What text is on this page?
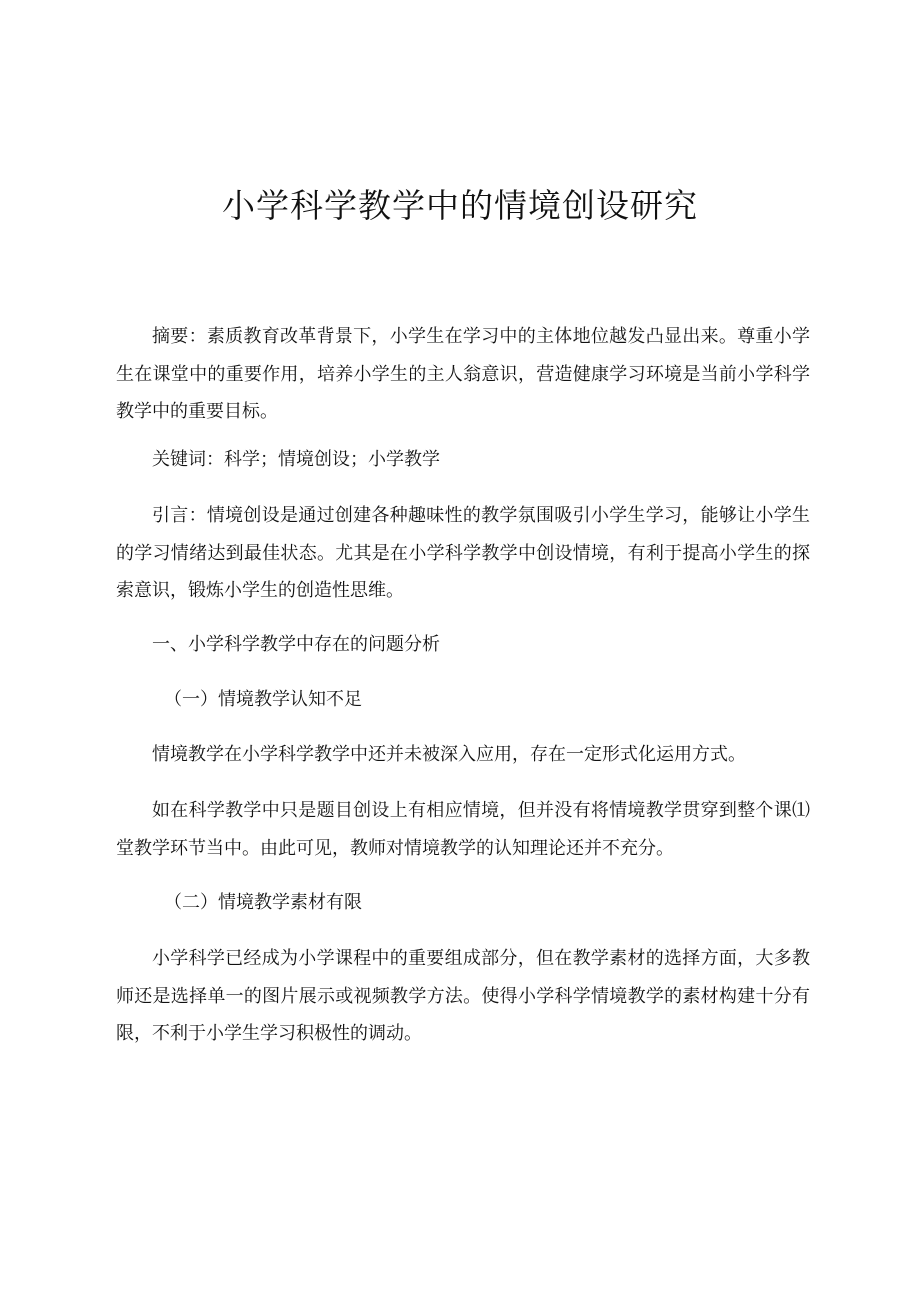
小学科学教学中的情境创设研究

摘要：素质教育改革背景下，小学生在学习中的主体地位越发凸显出来。尊重小学生在课堂中的重要作用，培养小学生的主人翁意识，营造健康学习环境是当前小学科学教学中的重要目标。

关键词：科学；情境创设；小学教学

引言：情境创设是通过创建各种趣味性的教学氛围吸引小学生学习，能够让小学生的学习情绪达到最佳状态。尤其是在小学科学教学中创设情境，有利于提高小学生的探索意识，锻炼小学生的创造性思维。

一、小学科学教学中存在的问题分析

（一）情境教学认知不足

情境教学在小学科学教学中还并未被深入应用，存在一定形式化运用方式。

如在科学教学中只是题目创设上有相应情境，但并没有将情境教学贯穿到整个课⑴堂教学环节当中。由此可见，教师对情境教学的认知理论还并不充分。

（二）情境教学素材有限

小学科学已经成为小学课程中的重要组成部分，但在教学素材的选择方面，大多教师还是选择单一的图片展示或视频教学方法。使得小学科学情境教学的素材构建十分有限，不利于小学生学习积极性的调动。
